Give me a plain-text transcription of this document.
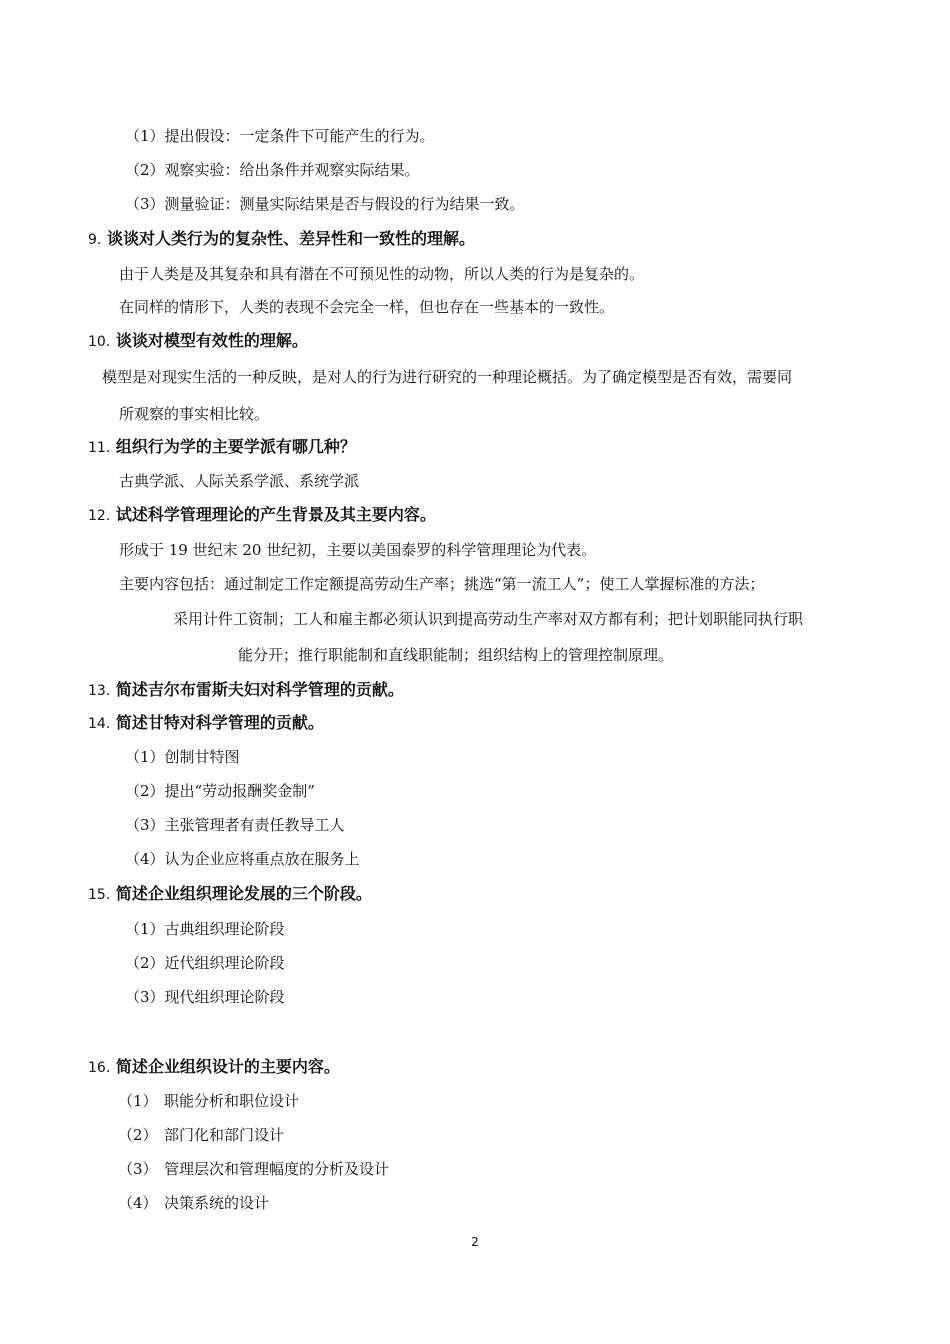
（1）提出假设：一定条件下可能产生的行为。
（2）观察实验：给出条件并观察实际结果。
（3）测量验证：测量实际结果是否与假设的行为结果一致。
9. 谈谈对人类行为的复杂性、差异性和一致性的理解。
由于人类是及其复杂和具有潜在不可预见性的动物，所以人类的行为是复杂的。
在同样的情形下，人类的表现不会完全一样，但也存在一些基本的一致性。
10. 谈谈对模型有效性的理解。
模型是对现实生活的一种反映，是对人的行为进行研究的一种理论概括。为了确定模型是否有效，需要同
所观察的事实相比较。
11. 组织行为学的主要学派有哪几种？
古典学派、人际关系学派、系统学派
12. 试述科学管理理论的产生背景及其主要内容。
形成于 19 世纪末 20 世纪初，主要以美国泰罗的科学管理理论为代表。
主要内容包括：通过制定工作定额提高劳动生产率；挑选“第一流工人”；使工人掌握标准的方法；
采用计件工资制；工人和雇主都必须认识到提高劳动生产率对双方都有利；把计划职能同执行职
能分开；推行职能制和直线职能制；组织结构上的管理控制原理。
13. 简述吉尔布雷斯夫妇对科学管理的贡献。
14. 简述甘特对科学管理的贡献。
（1）创制甘特图
（2）提出“劳动报酬奖金制”
（3）主张管理者有责任教导工人
（4）认为企业应将重点放在服务上
15. 简述企业组织理论发展的三个阶段。
（1）古典组织理论阶段
（2）近代组织理论阶段
（3）现代组织理论阶段
16. 简述企业组织设计的主要内容。
（1） 职能分析和职位设计
（2） 部门化和部门设计
（3） 管理层次和管理幅度的分析及设计
（4） 决策系统的设计
2
